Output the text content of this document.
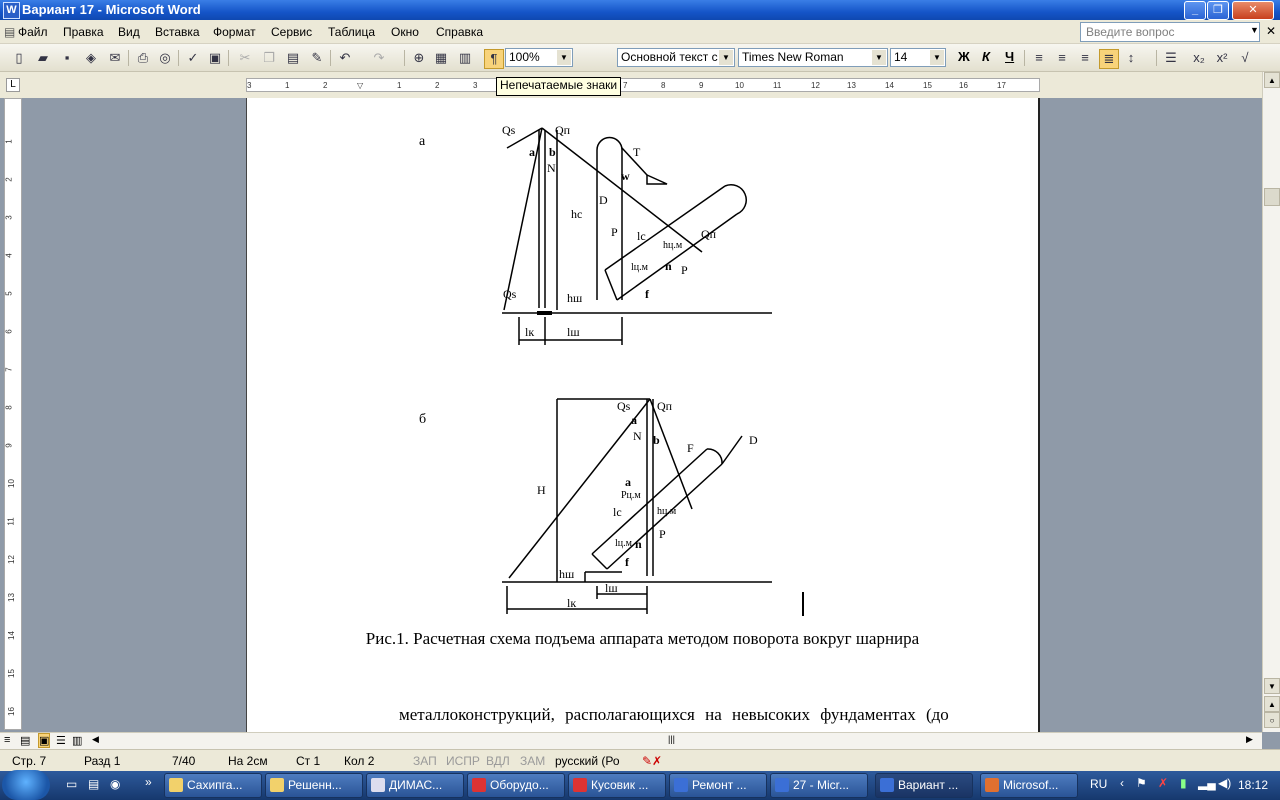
W Вариант 17 - Microsoft Word	_	❐	✕
▤ Файл Правка Вид Вставка Формат Сервис Таблица Окно Справка	Введите вопрос	▼ ✕
▯	▰	▪	◈	✉ ⎙ ◎ ✓ ▣ ✂ ❐ ▤ ✎ ↶ ↷ ⊕ ▦ ▥	¶ 100%	▼	Основной текст с ▼	Times New Roman	▼ 14	▼ Ж К Ч	≡	≡	≡	≣	↕	☰ x₂ x²	√
L	3	1	2	▽	1	2	3	7	8	9	10	11	12	13	14	15	16	17
Непечатаемые знаки
1
2
3
4
5
6
7
8
9
10
11
12
13
14
15
16
а
б
Qs	Qп
a b
N
T
w
hс
D
P lс
hц.м
Qп
lц.м n P
Qs	hш	f
lк	lш
Qs Qп
a
N b	D
F
H
a
Pц.м
lс	hц.м
P
lц.м n
hш
f
lш
lк
Рис.1. Расчетная схема подъема аппарата методом поворота вокруг шарнира
металлоконструкций, располагающихся на невысоких фундаментах (до
▲
▼
▲
○
≡ ▤ ▣ ☰ ▥ ◀	|||	▶
Стр. 7	Разд 1	7/40	На 2см Ст 1 Кол 2	ЗАП ИСПР ВДЛ ЗАМ русский (Ро ✎✗
▭ ▤ ◉ »	Сахипга...	Решенн...	ДИМАС...	Оборудо...	Кусовик ...	Ремонт ...	27 - Micr...	Вариант ...	Microsof...	RU ‹ ⚑ ✗ ▮ ▂▄ ◀) 18:12
